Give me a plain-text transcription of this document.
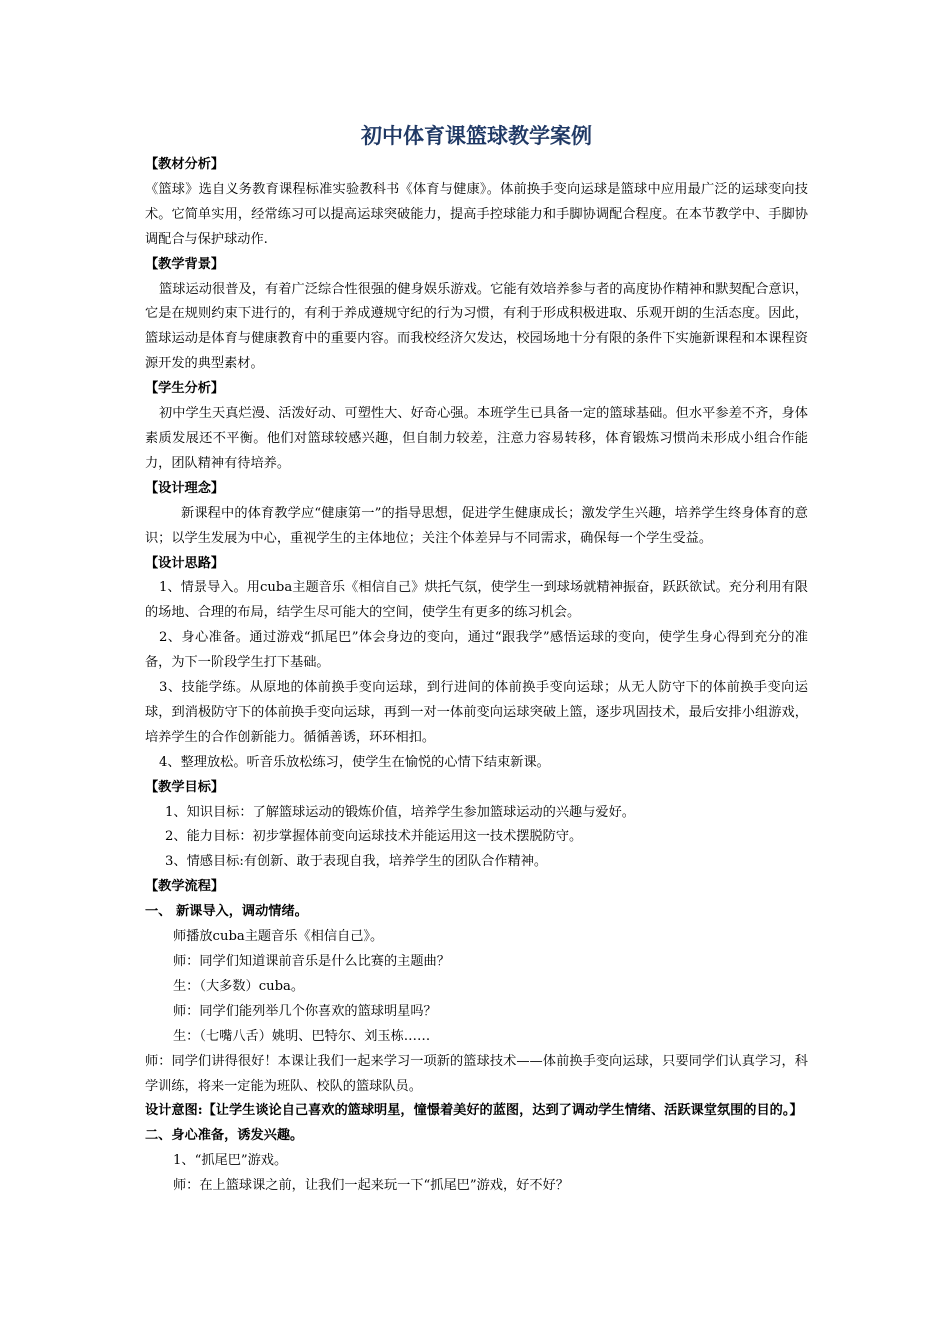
初中体育课篮球教学案例

【教材分析】

《篮球》选自义务教育课程标准实验教科书《体育与健康》。体前换手变向运球是篮球中应用最广泛的运球变向技术。它简单实用，经常练习可以提高运球突破能力，提高手控球能力和手脚协调配合程度。在本节教学中、手脚协调配合与保护球动作.

【教学背景】

篮球运动很普及，有着广泛综合性很强的健身娱乐游戏。它能有效培养参与者的高度协作精神和默契配合意识，它是在规则约束下进行的，有利于养成遵规守纪的行为习惯，有利于形成积极进取、乐观开朗的生活态度。因此，篮球运动是体育与健康教育中的重要内容。而我校经济欠发达，校园场地十分有限的条件下实施新课程和本课程资源开发的典型素材。

【学生分析】

初中学生天真烂漫、活泼好动、可塑性大、好奇心强。本班学生已具备一定的篮球基础。但水平参差不齐，身体素质发展还不平衡。他们对篮球较感兴趣，但自制力较差，注意力容易转移，体育锻炼习惯尚未形成小组合作能力，团队精神有待培养。

【设计理念】

新课程中的体育教学应“健康第一”的指导思想，促进学生健康成长；激发学生兴趣，培养学生终身体育的意识；以学生发展为中心，重视学生的主体地位；关注个体差异与不同需求，确保每一个学生受益。

【设计思路】

1、情景导入。用cuba主题音乐《相信自己》烘托气氛，使学生一到球场就精神振奋，跃跃欲试。充分利用有限的场地、合理的布局，结学生尽可能大的空间，使学生有更多的练习机会。

2、身心准备。通过游戏“抓尾巴”体会身边的变向，通过“跟我学”感悟运球的变向，使学生身心得到充分的准备，为下一阶段学生打下基础。

3、技能学练。从原地的体前换手变向运球，到行进间的体前换手变向运球；从无人防守下的体前换手变向运球，到消极防守下的体前换手变向运球，再到一对一体前变向运球突破上篮，逐步巩固技术，最后安排小组游戏，培养学生的合作创新能力。循循善诱，环环相扣。

4、整理放松。听音乐放松练习，使学生在愉悦的心情下结束新课。

【教学目标】

1、知识目标：了解篮球运动的锻炼价值，培养学生参加篮球运动的兴趣与爱好。

2、能力目标：初步掌握体前变向运球技术并能运用这一技术摆脱防守。

3、情感目标:有创新、敢于表现自我，培养学生的团队合作精神。

【教学流程】

一、 新课导入，调动情绪。

师播放cuba主题音乐《相信自己》。

师：同学们知道课前音乐是什么比赛的主题曲？

生：（大多数）cuba。

师：同学们能列举几个你喜欢的篮球明星吗？

生：（七嘴八舌）姚明、巴特尔、刘玉栋……

师：同学们讲得很好！本课让我们一起来学习一项新的篮球技术——体前换手变向运球，只要同学们认真学习，科学训练，将来一定能为班队、校队的篮球队员。

设计意图:【让学生谈论自己喜欢的篮球明星，憧憬着美好的蓝图，达到了调动学生情绪、活跃课堂氛围的目的。】

二、身心准备，诱发兴趣。

1、“抓尾巴”游戏。

师：在上篮球课之前，让我们一起来玩一下“抓尾巴”游戏，好不好？
